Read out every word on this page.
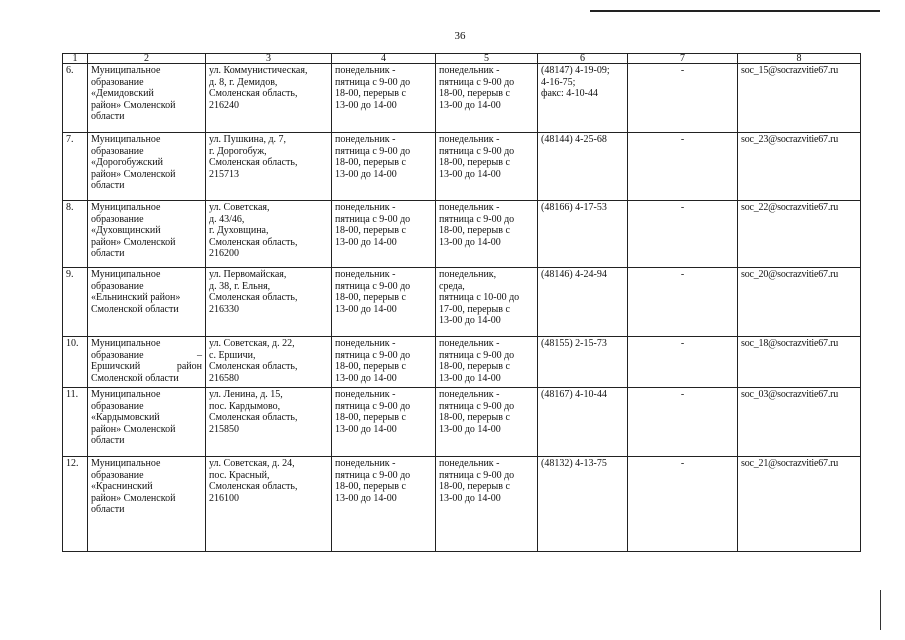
36
1	2	3	4	5	6	7	8
6.	Муниципальное
образование
«Демидовский
район» Смоленской
области	ул. Коммунистическая,
д. 8, г. Демидов,
Смоленская область,
216240	понедельник -
пятница с 9-00 до
18-00, перерыв с
13-00 до 14-00	понедельник -
пятница с 9-00 до
18-00, перерыв с
13-00 до 14-00	(48147) 4-19-09;
4-16-75;
факс: 4-10-44	-	soc_15@socrazvitie67.ru
7.	Муниципальное
образование
«Дорогобужский
район» Смоленской
области	ул. Пушкина, д. 7,
г. Дорогобуж,
Смоленская область,
215713	понедельник -
пятница с 9-00 до
18-00, перерыв с
13-00 до 14-00	понедельник -
пятница с 9-00 до
18-00, перерыв с
13-00 до 14-00	(48144) 4-25-68	-	soc_23@socrazvitie67.ru
8.	Муниципальное
образование
«Духовщинский
район» Смоленской
области	ул. Советская,
д. 43/46,
г. Духовщина,
Смоленская область,
216200	понедельник -
пятница с 9-00 до
18-00, перерыв с
13-00 до 14-00	понедельник -
пятница с 9-00 до
18-00, перерыв с
13-00 до 14-00	(48166) 4-17-53	-	soc_22@socrazvitie67.ru
9.	Муниципальное
образование
«Ельнинский район»
Смоленской области	ул. Первомайская,
д. 38, г. Ельня,
Смоленская область,
216330	понедельник -
пятница с 9-00 до
18-00, перерыв с
13-00 до 14-00	понедельник,
среда,
пятница с 10-00 до
17-00, перерыв с
13-00 до 14-00	(48146) 4-24-94	-	soc_20@socrazvitie67.ru
10.	Муниципальное образование – Ершичский район Смоленской области	ул. Советская, д. 22,
с. Ершичи,
Смоленская область,
216580	понедельник -
пятница с 9-00 до
18-00, перерыв с
13-00 до 14-00	понедельник -
пятница с 9-00 до
18-00, перерыв с
13-00 до 14-00	(48155) 2-15-73	-	soc_18@socrazvitie67.ru
11.	Муниципальное
образование
«Кардымовский
район» Смоленской
области	ул. Ленина, д. 15,
пос. Кардымово,
Смоленская область,
215850	понедельник -
пятница с 9-00 до
18-00, перерыв с
13-00 до 14-00	понедельник -
пятница с 9-00 до
18-00, перерыв с
13-00 до 14-00	(48167) 4-10-44	-	soc_03@socrazvitie67.ru
12.	Муниципальное
образование
«Краснинский
район» Смоленской
области	ул. Советская, д. 24,
пос. Красный,
Смоленская область,
216100	понедельник -
пятница с 9-00 до
18-00, перерыв с
13-00 до 14-00	понедельник -
пятница с 9-00 до
18-00, перерыв с
13-00 до 14-00	(48132) 4-13-75	-	soc_21@socrazvitie67.ru
